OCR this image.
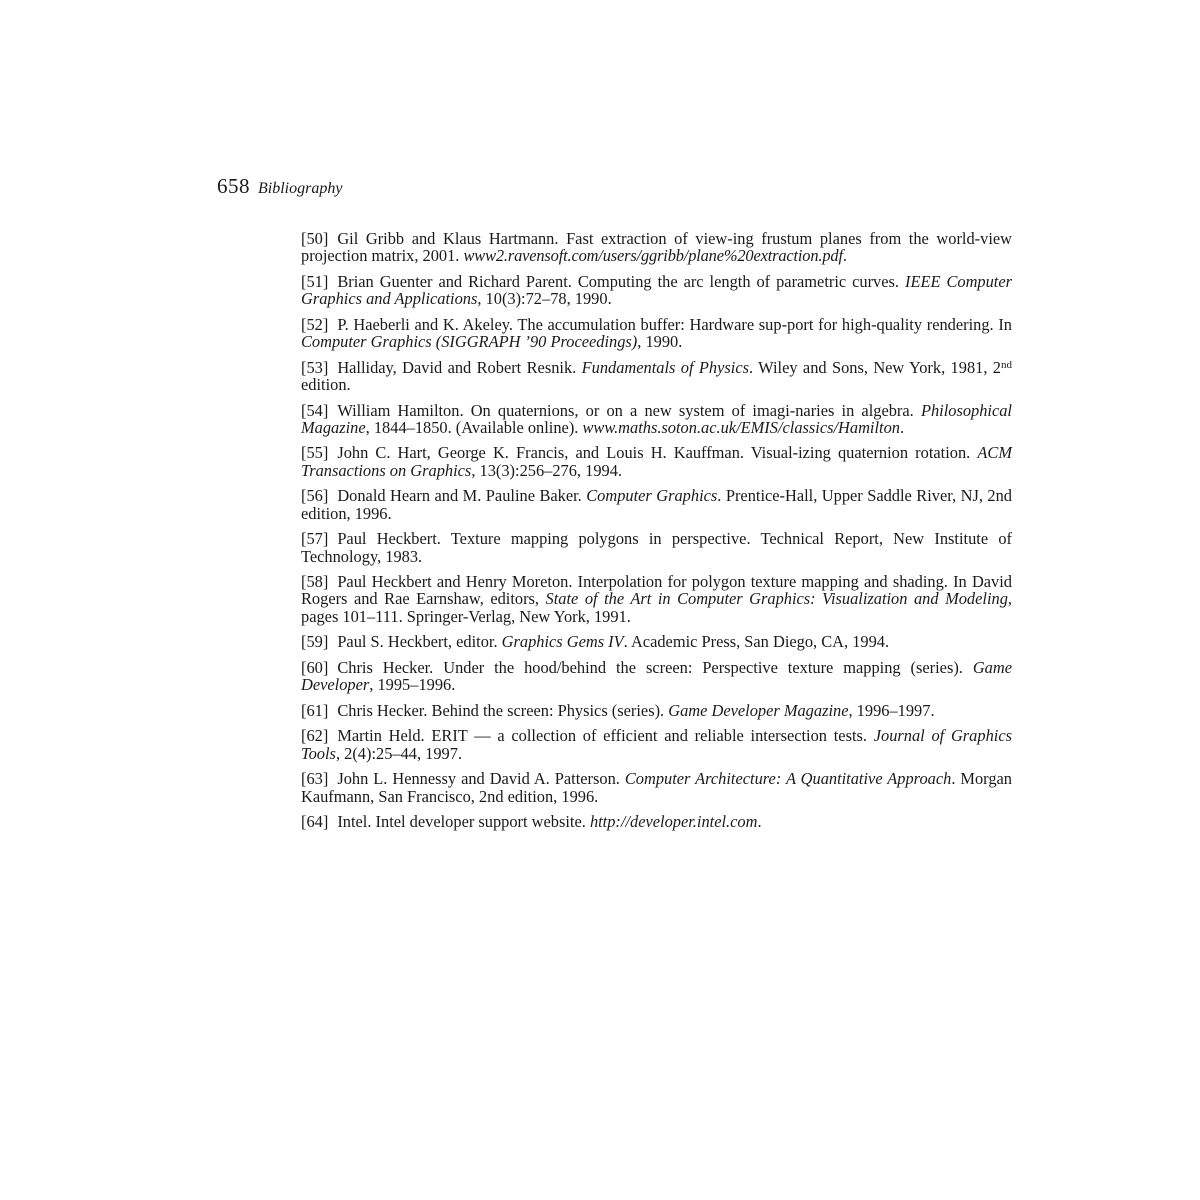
658 Bibliography

[50] Gil Gribb and Klaus Hartmann. Fast extraction of view-ing frustum planes from the world-view projection matrix, 2001. www2.ravensoft.com/users/ggribb/plane%20extraction.pdf.

[51] Brian Guenter and Richard Parent. Computing the arc length of parametric curves. IEEE Computer Graphics and Applications, 10(3):72–78, 1990.

[52] P. Haeberli and K. Akeley. The accumulation buffer: Hardware sup-port for high-quality rendering. In Computer Graphics (SIGGRAPH ’90 Proceedings), 1990.

[53] Halliday, David and Robert Resnik. Fundamentals of Physics. Wiley and Sons, New York, 1981, 2nd edition.

[54] William Hamilton. On quaternions, or on a new system of imagi-naries in algebra. Philosophical Magazine, 1844–1850. (Available online). www.maths.soton.ac.uk/EMIS/classics/Hamilton.

[55] John C. Hart, George K. Francis, and Louis H. Kauffman. Visual-izing quaternion rotation. ACM Transactions on Graphics, 13(3):256–276, 1994.

[56] Donald Hearn and M. Pauline Baker. Computer Graphics. Prentice-Hall, Upper Saddle River, NJ, 2nd edition, 1996.

[57] Paul Heckbert. Texture mapping polygons in perspective. Technical Report, New Institute of Technology, 1983.

[58] Paul Heckbert and Henry Moreton. Interpolation for polygon texture mapping and shading. In David Rogers and Rae Earnshaw, editors, State of the Art in Computer Graphics: Visualization and Modeling, pages 101–111. Springer-Verlag, New York, 1991.

[59] Paul S. Heckbert, editor. Graphics Gems IV. Academic Press, San Diego, CA, 1994.

[60] Chris Hecker. Under the hood/behind the screen: Perspective texture mapping (series). Game Developer, 1995–1996.

[61] Chris Hecker. Behind the screen: Physics (series). Game Developer Magazine, 1996–1997.

[62] Martin Held. ERIT — a collection of efficient and reliable intersection tests. Journal of Graphics Tools, 2(4):25–44, 1997.

[63] John L. Hennessy and David A. Patterson. Computer Architecture: A Quantitative Approach. Morgan Kaufmann, San Francisco, 2nd edition, 1996.

[64] Intel. Intel developer support website. http://developer.intel.com.
